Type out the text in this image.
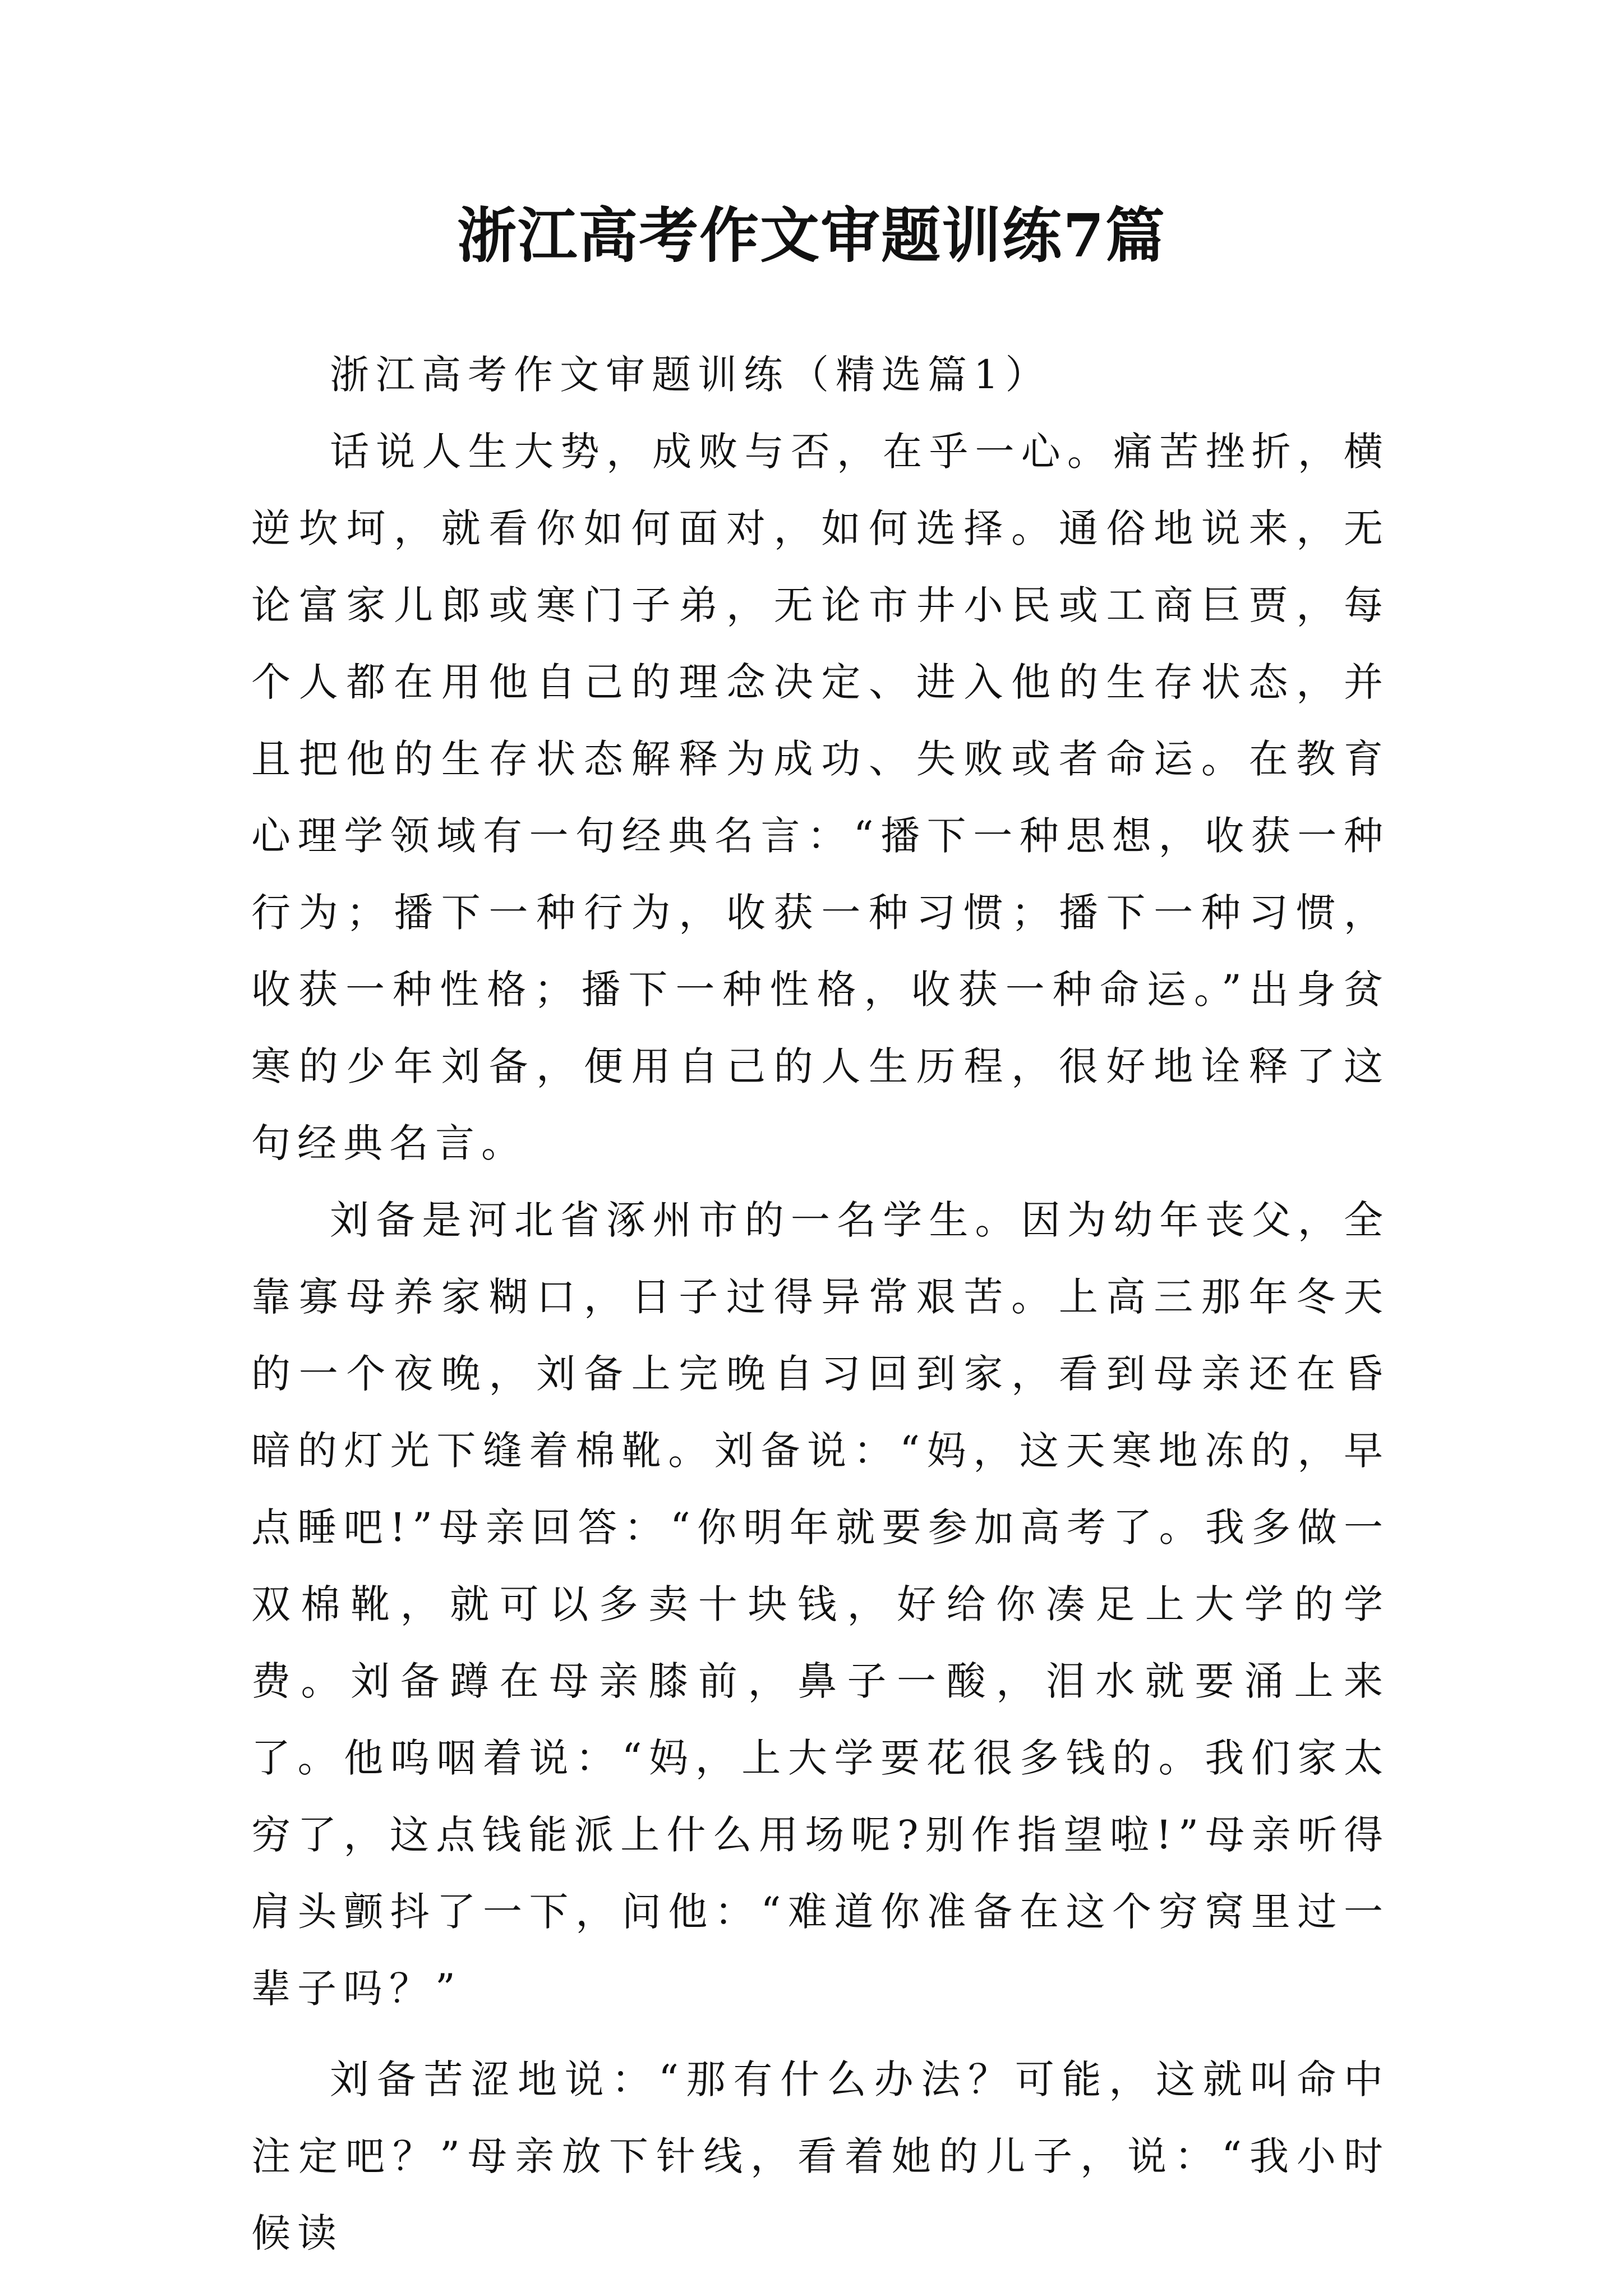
浙江高考作文审题训练7篇

浙江高考作文审题训练（精选篇1）

话说人生大势，成败与否，在乎一心。痛苦挫折，横逆坎坷，就看你如何面对，如何选择。通俗地说来，无论富家儿郎或寒门子弟，无论市井小民或工商巨贾，每个人都在用他自己的理念决定、进入他的生存状态，并且把他的生存状态解释为成功、失败或者命运。在教育心理学领域有一句经典名言：“播下一种思想，收获一种行为；播下一种行为，收获一种习惯；播下一种习惯，收获一种性格；播下一种性格，收获一种命运。”出身贫寒的少年刘备，便用自己的人生历程，很好地诠释了这句经典名言。

刘备是河北省涿州市的一名学生。因为幼年丧父，全靠寡母养家糊口，日子过得异常艰苦。上高三那年冬天的一个夜晚，刘备上完晚自习回到家，看到母亲还在昏暗的灯光下缝着棉靴。刘备说：“妈，这天寒地冻的，早点睡吧!”母亲回答：“你明年就要参加高考了。我多做一双棉靴，就可以多卖十块钱，好给你凑足上大学的学费。刘备蹲在母亲膝前，鼻子一酸，泪水就要涌上来了。他呜咽着说：“妈，上大学要花很多钱的。我们家太穷了，这点钱能派上什么用场呢?别作指望啦!”母亲听得肩头颤抖了一下，问他：“难道你准备在这个穷窝里过一辈子吗？”

刘备苦涩地说：“那有什么办法？可能，这就叫命中注定吧？”母亲放下针线，看着她的儿子，说：“我小时候读
